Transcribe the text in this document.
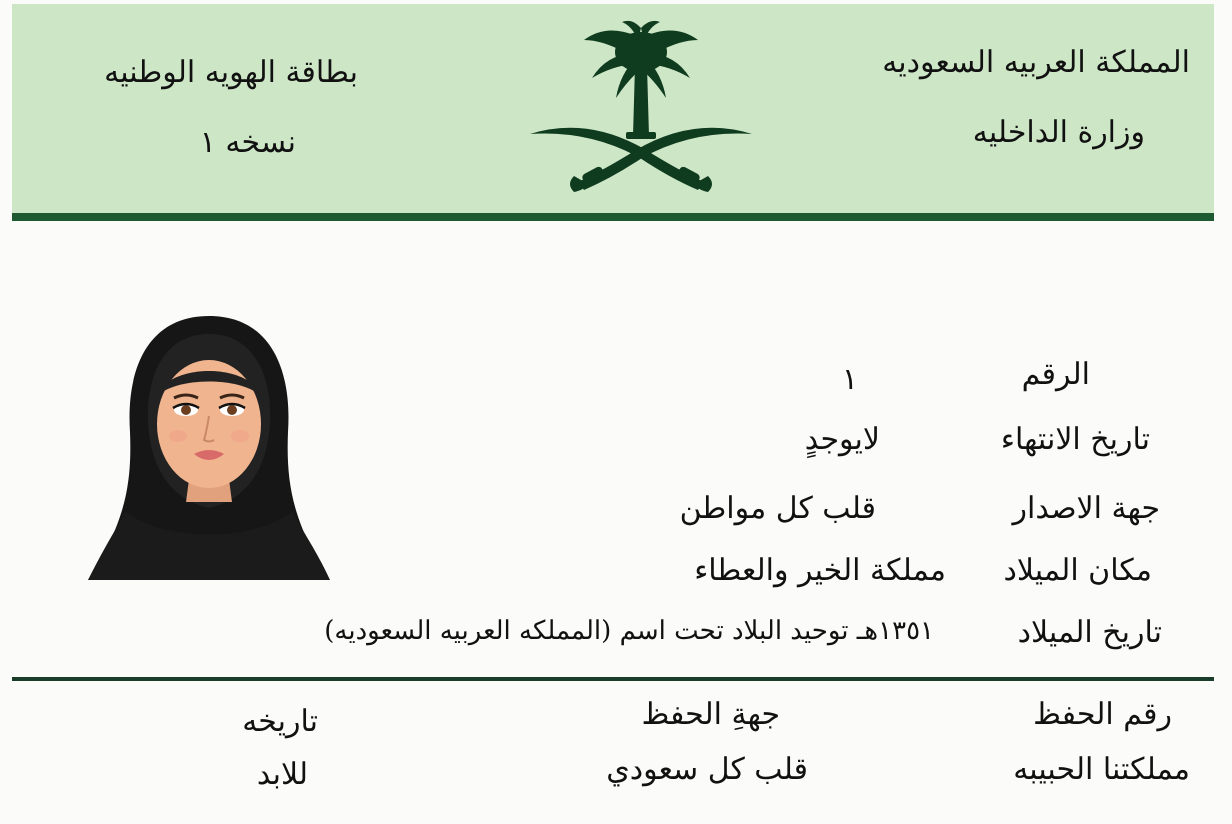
المملكة العربيه السعوديه
وزارة الداخليه
بطاقة الهويه الوطنيه
نسخه ١
الرقم
تاريخ الانتهاء
جهة الاصدار
مكان الميلاد
تاريخ الميلاد
١
لايوجدٍ
قلب كل مواطن
مملكة الخير والعطاء
١٣٥١هـ توحيد البلاد تحت اسم (المملكه العربيه السعوديه)
رقم الحفظ
مملكتنا الحبيبه
جهةِ الحفظ
قلب كل سعودي
تاريخه
للابد
